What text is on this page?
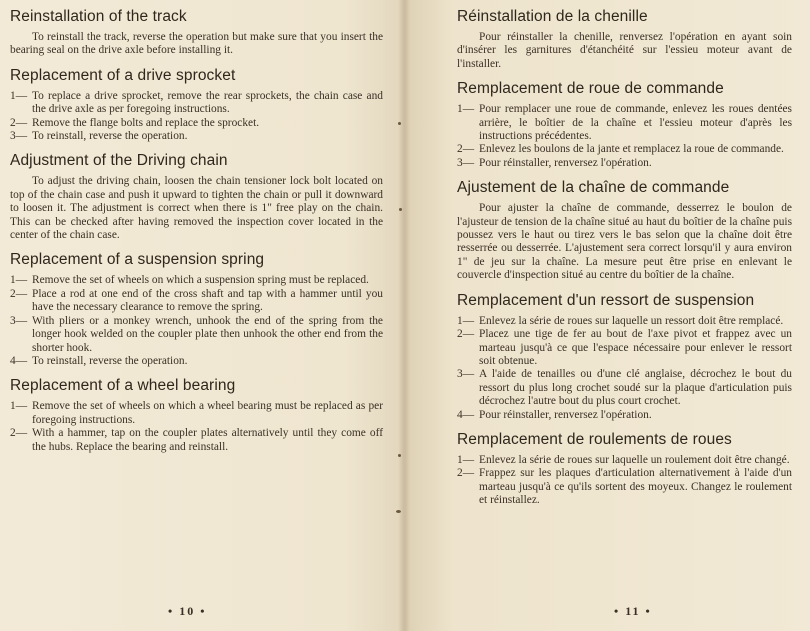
Reinstallation of the track

To reinstall the track, reverse the operation but make sure that you insert the bearing seal on the drive axle before installing it.

Replacement of a drive sprocket
1— To replace a drive sprocket, remove the rear sprockets, the chain case and the drive axle as per foregoing instructions.
2— Remove the flange bolts and replace the sprocket.
3— To reinstall, reverse the operation.
Adjustment of the Driving chain

To adjust the driving chain, loosen the chain tensioner lock bolt located on top of the chain case and push it upward to tighten the chain or pull it downward to loosen it. The adjustment is correct when there is 1" free play on the chain. This can be checked after having removed the inspection cover located in the center of the chain case.

Replacement of a suspension spring
1— Remove the set of wheels on which a suspension spring must be replaced.
2— Place a rod at one end of the cross shaft and tap with a hammer until you have the necessary clearance to remove the spring.
3— With pliers or a monkey wrench, unhook the end of the spring from the longer hook welded on the coupler plate then unhook the other end from the shorter hook.
4— To reinstall, reverse the operation.
Replacement of a wheel bearing
1— Remove the set of wheels on which a wheel bearing must be replaced as per foregoing instructions.
2— With a hammer, tap on the coupler plates alternatively until they come off the hubs. Replace the bearing and reinstall.
• 10 •
Réinstallation de la chenille

Pour réinstaller la chenille, renversez l'opération en ayant soin d'insérer les garnitures d'étanchéité sur l'essieu moteur avant de l'installer.

Remplacement de roue de commande
1— Pour remplacer une roue de commande, enlevez les roues dentées arrière, le boîtier de la chaîne et l'essieu moteur d'après les instructions précédentes.
2— Enlevez les boulons de la jante et remplacez la roue de commande.
3— Pour réinstaller, renversez l'opération.
Ajustement de la chaîne de commande

Pour ajuster la chaîne de commande, desserrez le boulon de l'ajusteur de tension de la chaîne situé au haut du boîtier de la chaîne puis poussez vers le haut ou tirez vers le bas selon que la chaîne doit être resserrée ou desserrée. L'ajustement sera correct lorsqu'il y aura environ 1" de jeu sur la chaîne. La mesure peut être prise en enlevant le couvercle d'inspection situé au centre du boîtier de la chaîne.

Remplacement d'un ressort de suspension
1— Enlevez la série de roues sur laquelle un ressort doit être remplacé.
2— Placez une tige de fer au bout de l'axe pivot et frappez avec un marteau jusqu'à ce que l'espace nécessaire pour enlever le ressort soit obtenue.
3— A l'aide de tenailles ou d'une clé anglaise, décrochez le bout du ressort du plus long crochet soudé sur la plaque d'articulation puis décrochez l'autre bout du plus court crochet.
4— Pour réinstaller, renversez l'opération.
Remplacement de roulements de roues
1— Enlevez la série de roues sur laquelle un roulement doit être changé.
2— Frappez sur les plaques d'articulation alternativement à l'aide d'un marteau jusqu'à ce qu'ils sortent des moyeux. Changez le roulement et réinstallez.
• 11 •
